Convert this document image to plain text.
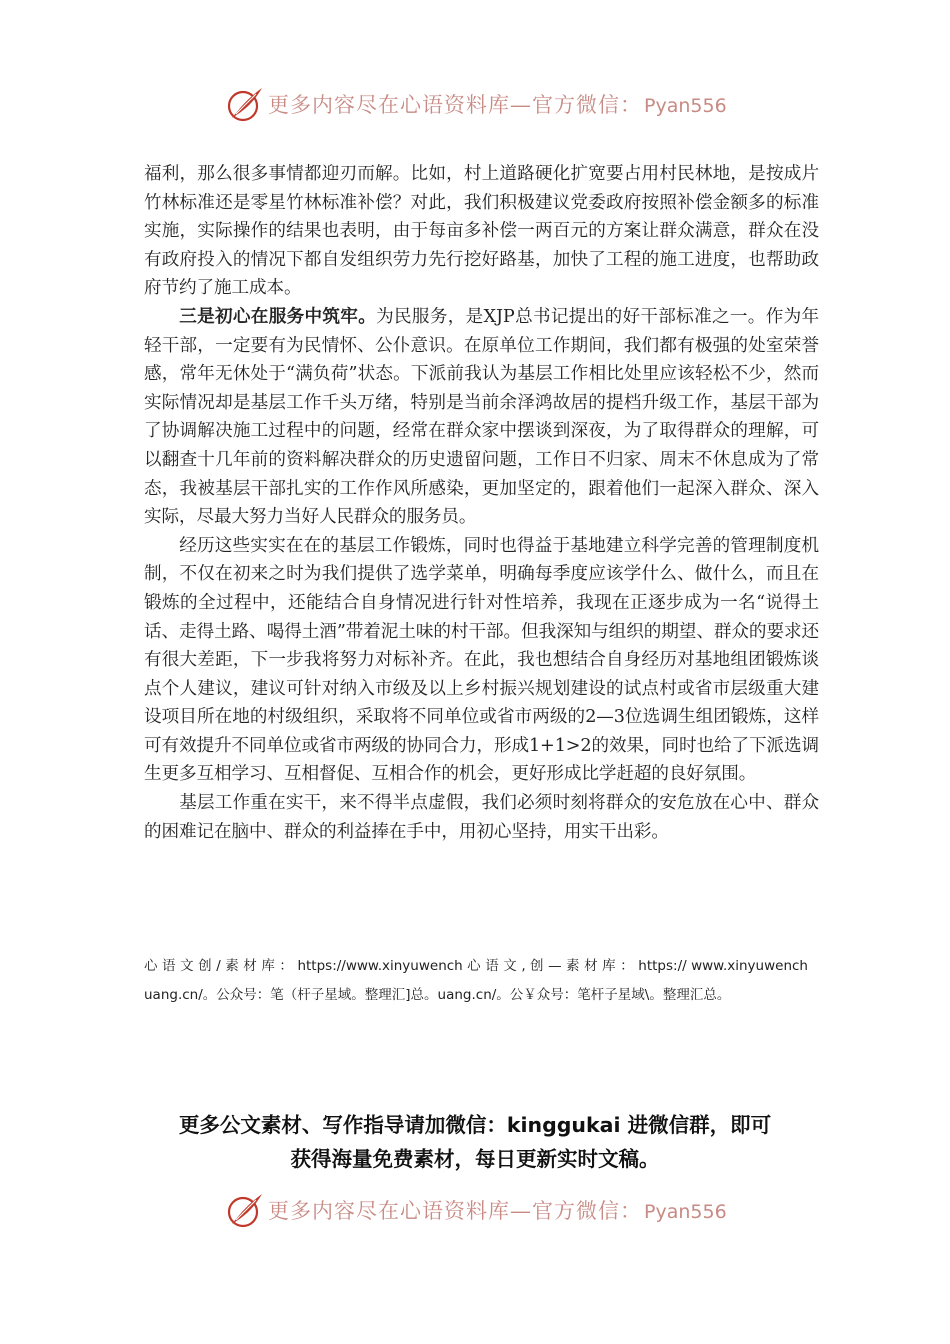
更多内容尽在心语资料库—官方微信： Pyan556

福利，那么很多事情都迎刃而解。比如，村上道路硬化扩宽要占用村民林地，是按成片竹林标准还是零星竹林标准补偿？对此，我们积极建议党委政府按照补偿金额多的标准实施，实际操作的结果也表明，由于每亩多补偿一两百元的方案让群众满意，群众在没有政府投入的情况下都自发组织劳力先行挖好路基，加快了工程的施工进度，也帮助政府节约了施工成本。

三是初心在服务中筑牢。为民服务，是XJP总书记提出的好干部标准之一。作为年轻干部，一定要有为民情怀、公仆意识。在原单位工作期间，我们都有极强的处室荣誉感，常年无休处于“满负荷”状态。下派前我认为基层工作相比处里应该轻松不少，然而实际情况却是基层工作千头万绪，特别是当前余泽鸿故居的提档升级工作，基层干部为了协调解决施工过程中的问题，经常在群众家中摆谈到深夜，为了取得群众的理解，可以翻查十几年前的资料解决群众的历史遗留问题，工作日不归家、周末不休息成为了常态，我被基层干部扎实的工作作风所感染，更加坚定的，跟着他们一起深入群众、深入实际，尽最大努力当好人民群众的服务员。

经历这些实实在在的基层工作锻炼，同时也得益于基地建立科学完善的管理制度机制，不仅在初来之时为我们提供了选学菜单，明确每季度应该学什么、做什么，而且在锻炼的全过程中，还能结合自身情况进行针对性培养，我现在正逐步成为一名“说得土话、走得土路、喝得土酒”带着泥土味的村干部。但我深知与组织的期望、群众的要求还有很大差距，下一步我将努力对标补齐。在此，我也想结合自身经历对基地组团锻炼谈点个人建议，建议可针对纳入市级及以上乡村振兴规划建设的试点村或省市层级重大建设项目所在地的村级组织，采取将不同单位或省市两级的2—3位选调生组团锻炼，这样可有效提升不同单位或省市两级的协同合力，形成1+1>2的效果，同时也给了下派选调生更多互相学习、互相督促、互相合作的机会，更好形成比学赶超的良好氛围。

基层工作重在实干，来不得半点虚假，我们必须时刻将群众的安危放在心中、群众的困难记在脑中、群众的利益捧在手中，用初心坚持，用实干出彩。

心 语 文 创 / 素 材 库 ： https://www.xinyuwench 心 语 文 , 创 — 素 材 库 ： https:// www.xinyuwenchuang.cn/。公众号：笔（杆子星域。整理汇]总。uang.cn/。公￥众号：笔杆子星域\。整理汇总。
更多公文素材、写作指导请加微信：kinggukai 进微信群，即可
获得海量免费素材，每日更新实时文稿。
更多内容尽在心语资料库—官方微信： Pyan556
